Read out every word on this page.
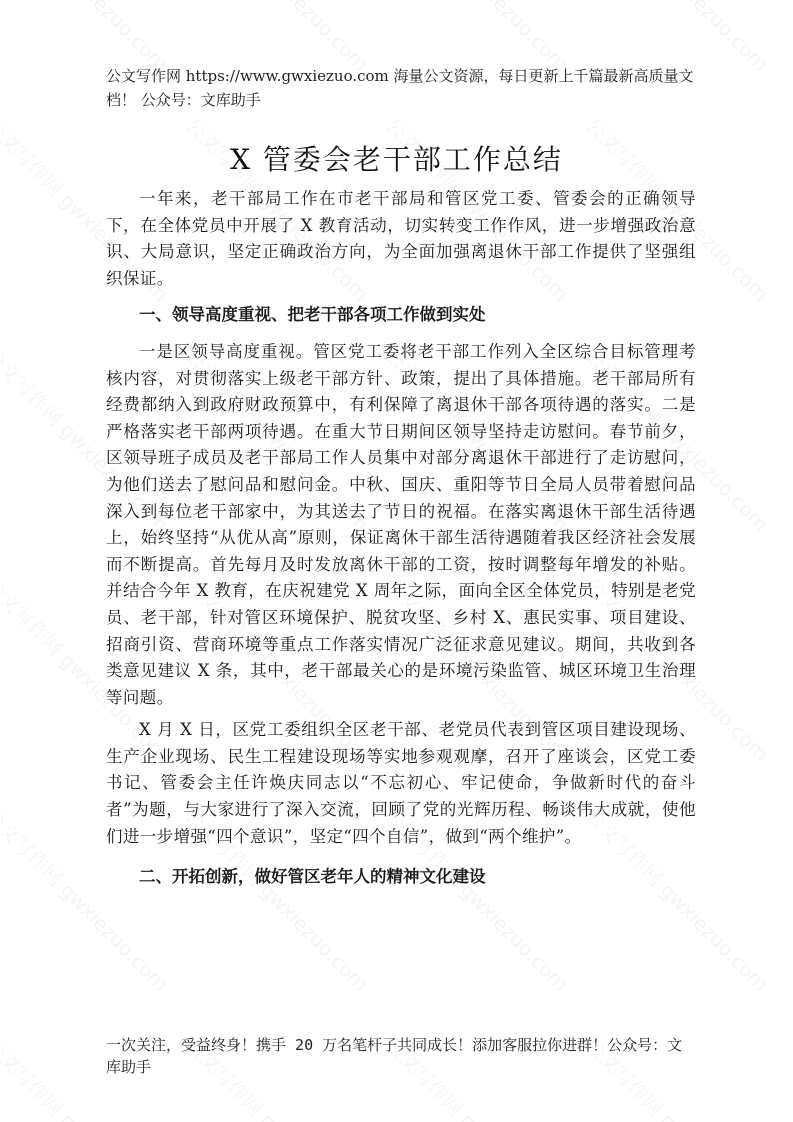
公文写作网 https://www.gwxiezuo.com 海量公文资源，每日更新上千篇最新高质量文档！ 公众号：文库助手
X 管委会老干部工作总结

一年来，老干部局工作在市老干部局和管区党工委、管委会的正确领导下，在全体党员中开展了 X 教育活动，切实转变工作作风，进一步增强政治意识、大局意识，坚定正确政治方向，为全面加强离退休干部工作提供了坚强组织保证。

一、领导高度重视、把老干部各项工作做到实处

一是区领导高度重视。管区党工委将老干部工作列入全区综合目标管理考核内容，对贯彻落实上级老干部方针、政策，提出了具体措施。老干部局所有经费都纳入到政府财政预算中，有利保障了离退休干部各项待遇的落实。二是严格落实老干部两项待遇。在重大节日期间区领导坚持走访慰问。春节前夕，区领导班子成员及老干部局工作人员集中对部分离退休干部进行了走访慰问，为他们送去了慰问品和慰问金。中秋、国庆、重阳等节日全局人员带着慰问品深入到每位老干部家中，为其送去了节日的祝福。在落实离退休干部生活待遇上，始终坚持“从优从高”原则，保证离休干部生活待遇随着我区经济社会发展而不断提高。首先每月及时发放离休干部的工资，按时调整每年增发的补贴。并结合今年 X 教育，在庆祝建党 X 周年之际，面向全区全体党员，特别是老党员、老干部，针对管区环境保护、脱贫攻坚、乡村 X、惠民实事、项目建设、招商引资、营商环境等重点工作落实情况广泛征求意见建议。期间，共收到各类意见建议 X 条，其中，老干部最关心的是环境污染监管、城区环境卫生治理等问题。

X 月 X 日，区党工委组织全区老干部、老党员代表到管区项目建设现场、生产企业现场、民生工程建设现场等实地参观观摩，召开了座谈会，区党工委书记、管委会主任许焕庆同志以“不忘初心、牢记使命，争做新时代的奋斗者”为题，与大家进行了深入交流，回顾了党的光辉历程、畅谈伟大成就，使他们进一步增强“四个意识”，坚定“四个自信”，做到“两个维护”。

二、开拓创新，做好管区老年人的精神文化建设

一次关注，受益终身！携手 20 万名笔杆子共同成长！添加客服拉你进群！公众号：文库助手
